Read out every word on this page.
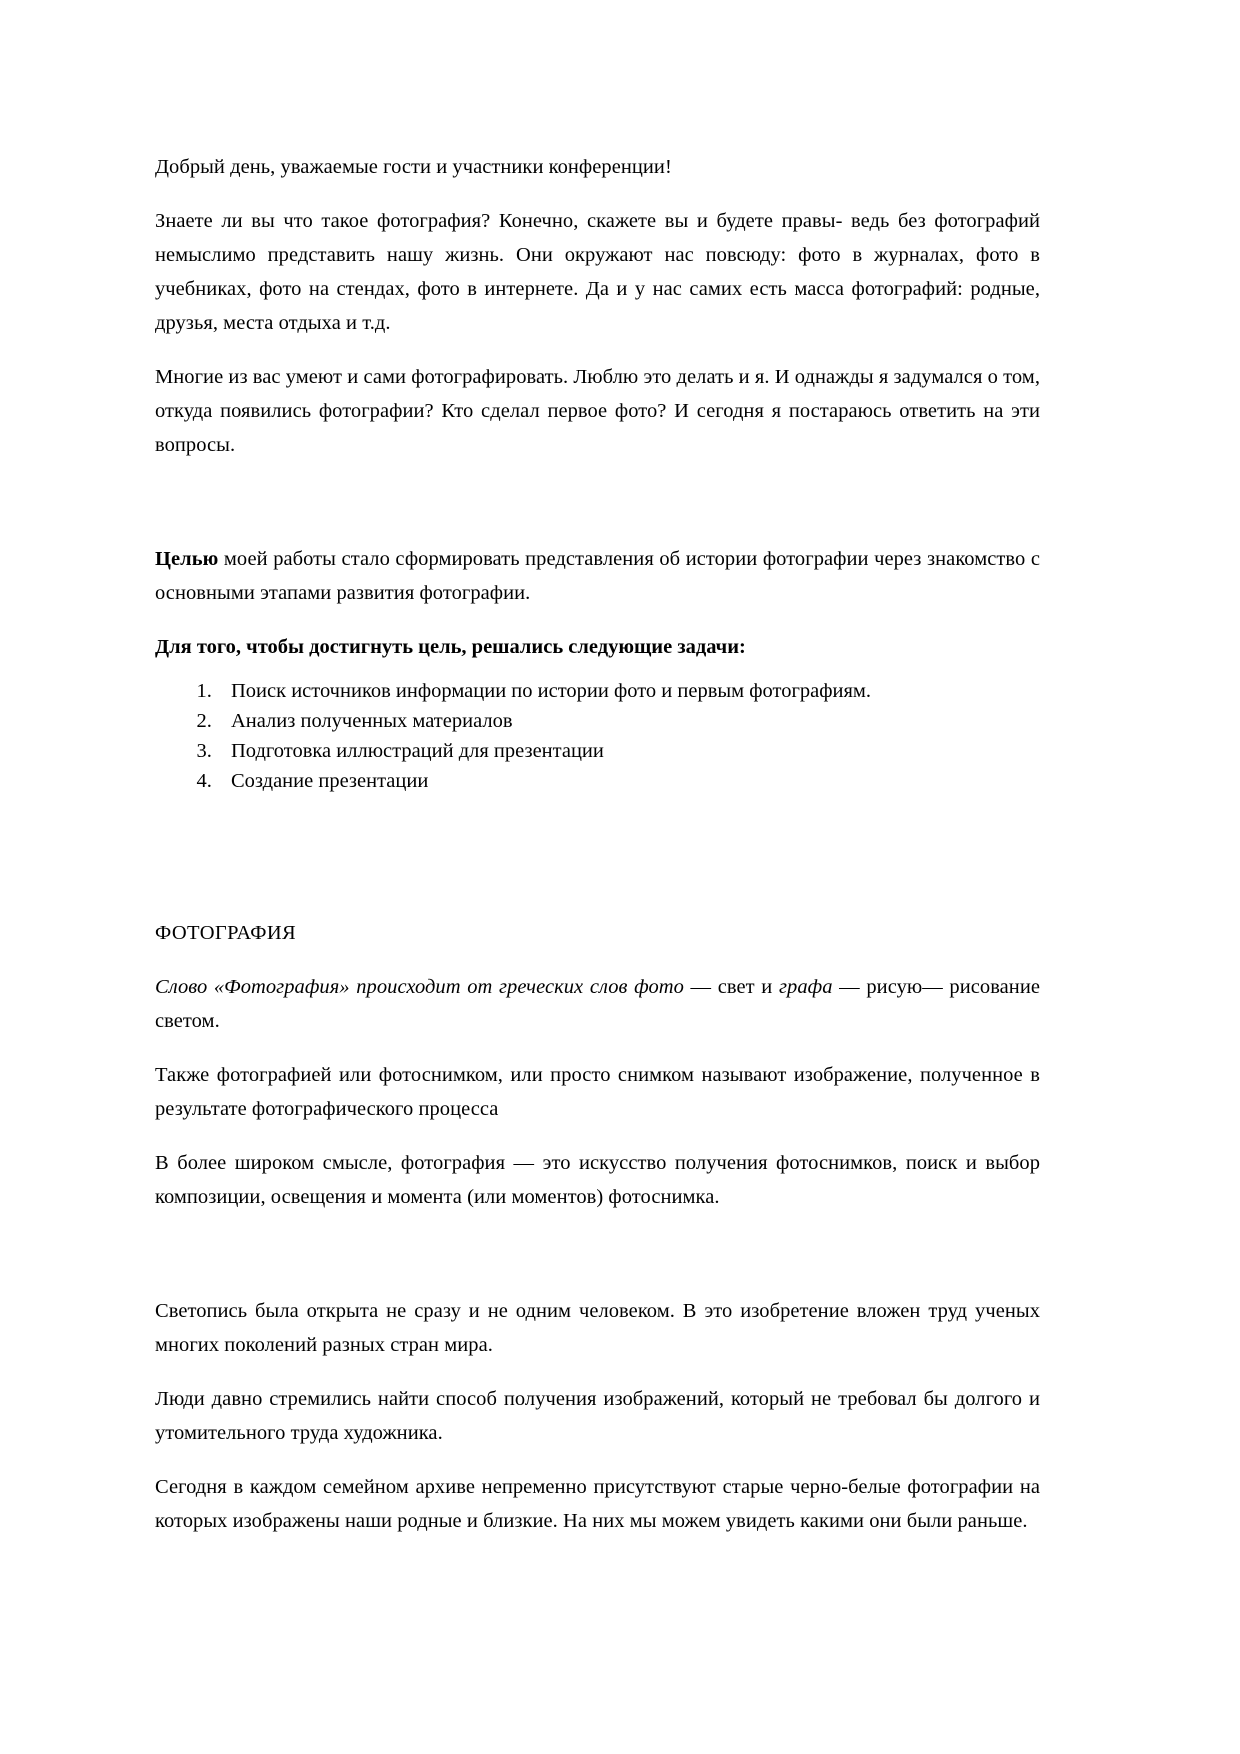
Добрый день, уважаемые гости и участники конференции!

Знаете ли вы что такое фотография? Конечно, скажете вы и будете правы- ведь без фотографий немыслимо представить нашу жизнь. Они окружают нас повсюду: фото в журналах, фото в учебниках, фото на стендах, фото в интернете. Да и у нас самих есть масса фотографий: родные, друзья, места отдыха и т.д.

Многие из вас умеют и сами фотографировать. Люблю это делать и я. И однажды я задумался о том, откуда появились фотографии? Кто сделал первое фото? И сегодня я постараюсь ответить на эти вопросы.

Целью моей работы стало сформировать представления об истории фотографии через знакомство с основными этапами развития фотографии.

Для того, чтобы достигнуть цель, решались следующие задачи:

1. Поиск источников информации по истории фото и первым фотографиям.
2. Анализ полученных материалов
3. Подготовка иллюстраций для презентации
4. Создание презентации
ФОТОГРАФИЯ

Слово «Фотография» происходит от греческих слов фото — свет и графа — рисую— рисование светом.

Также фотографией или фотоснимком, или просто снимком называют изображение, полученное в результате фотографического процесса

В более широком смысле, фотография — это искусство получения фотоснимков, поиск и выбор композиции, освещения и момента (или моментов) фотоснимка.

Светопись была открыта не сразу и не одним человеком. В это изобретение вложен труд ученых многих поколений разных стран мира.

Люди давно стремились найти способ получения изображений, который не требовал бы долгого и утомительного труда художника.

Сегодня в каждом семейном архиве непременно присутствуют старые черно-белые фотографии на которых изображены наши родные и близкие. На них мы можем увидеть какими они были раньше.
